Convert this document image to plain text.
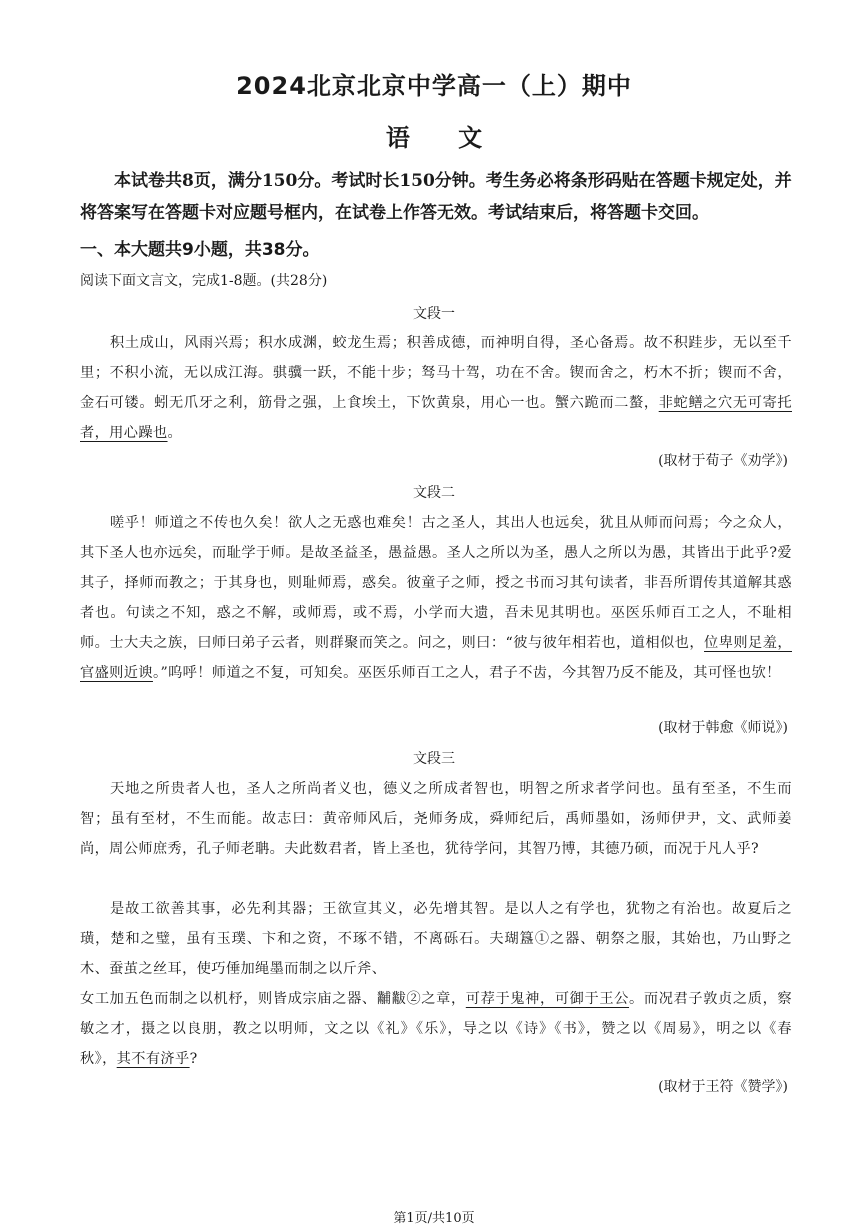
2024北京北京中学高一（上）期中
语 文
本试卷共8页，满分150分。考试时长150分钟。考生务必将条形码贴在答题卡规定处，并将答案写在答题卡对应题号框内，在试卷上作答无效。考试结束后，将答题卡交回。
一、本大题共9小题，共38分。
阅读下面文言文，完成1-8题。(共28分)
文段一
积土成山，风雨兴焉；积水成渊，蛟龙生焉；积善成德，而神明自得，圣心备焉。故不积跬步，无以至千里；不积小流，无以成江海。骐骥一跃，不能十步；驽马十驾，功在不舍。锲而舍之，朽木不折；锲而不舍，金石可镂。蚓无爪牙之利，筋骨之强，上食埃土，下饮黄泉，用心一也。蟹六跪而二螯，非蛇鳝之穴无可寄托者，用心躁也。
(取材于荀子《劝学》)
文段二
嗟乎！师道之不传也久矣！欲人之无惑也难矣！古之圣人，其出人也远矣，犹且从师而问焉；今之众人，其下圣人也亦远矣，而耻学于师。是故圣益圣，愚益愚。圣人之所以为圣，愚人之所以为愚，其皆出于此乎?爱其子，择师而教之；于其身也，则耻师焉，惑矣。彼童子之师，授之书而习其句读者，非吾所谓传其道解其惑者也。句读之不知，惑之不解，或师焉，或不焉，小学而大遗，吾未见其明也。巫医乐师百工之人，不耻相师。士大夫之族，曰师曰弟子云者，则群聚而笑之。问之，则曰：“彼与彼年相若也，道相似也，位卑则足羞，官盛则近谀。”呜呼！师道之不复，可知矣。巫医乐师百工之人，君子不齿，今其智乃反不能及，其可怪也欤！
(取材于韩愈《师说》)
文段三
天地之所贵者人也，圣人之所尚者义也，德义之所成者智也，明智之所求者学问也。虽有至圣，不生而智；虽有至材，不生而能。故志曰：黄帝师风后，尧师务成，舜师纪后，禹师墨如，汤师伊尹，文、武师姜尚，周公师庶秀，孔子师老聃。夫此数君者，皆上圣也，犹待学问，其智乃博，其德乃硕，而况于凡人乎?
是故工欲善其事，必先利其器；王欲宣其义，必先增其智。是以人之有学也，犹物之有治也。故夏后之璜，楚和之璧，虽有玉璞、卞和之资，不琢不错，不离砾石。夫瑚簋①之器、朝祭之服，其始也，乃山野之木、蚕茧之丝耳，使巧倕加绳墨而制之以斤斧、
女工加五色而制之以机杼，则皆成宗庙之器、黼黻②之章，可荐于鬼神，可御于王公。而况君子敦贞之质，察敏之才，摄之以良朋，教之以明师，文之以《礼》《乐》，导之以《诗》《书》，赞之以《周易》，明之以《春秋》，其不有济乎?
(取材于王符《赞学》)
第1页/共10页
